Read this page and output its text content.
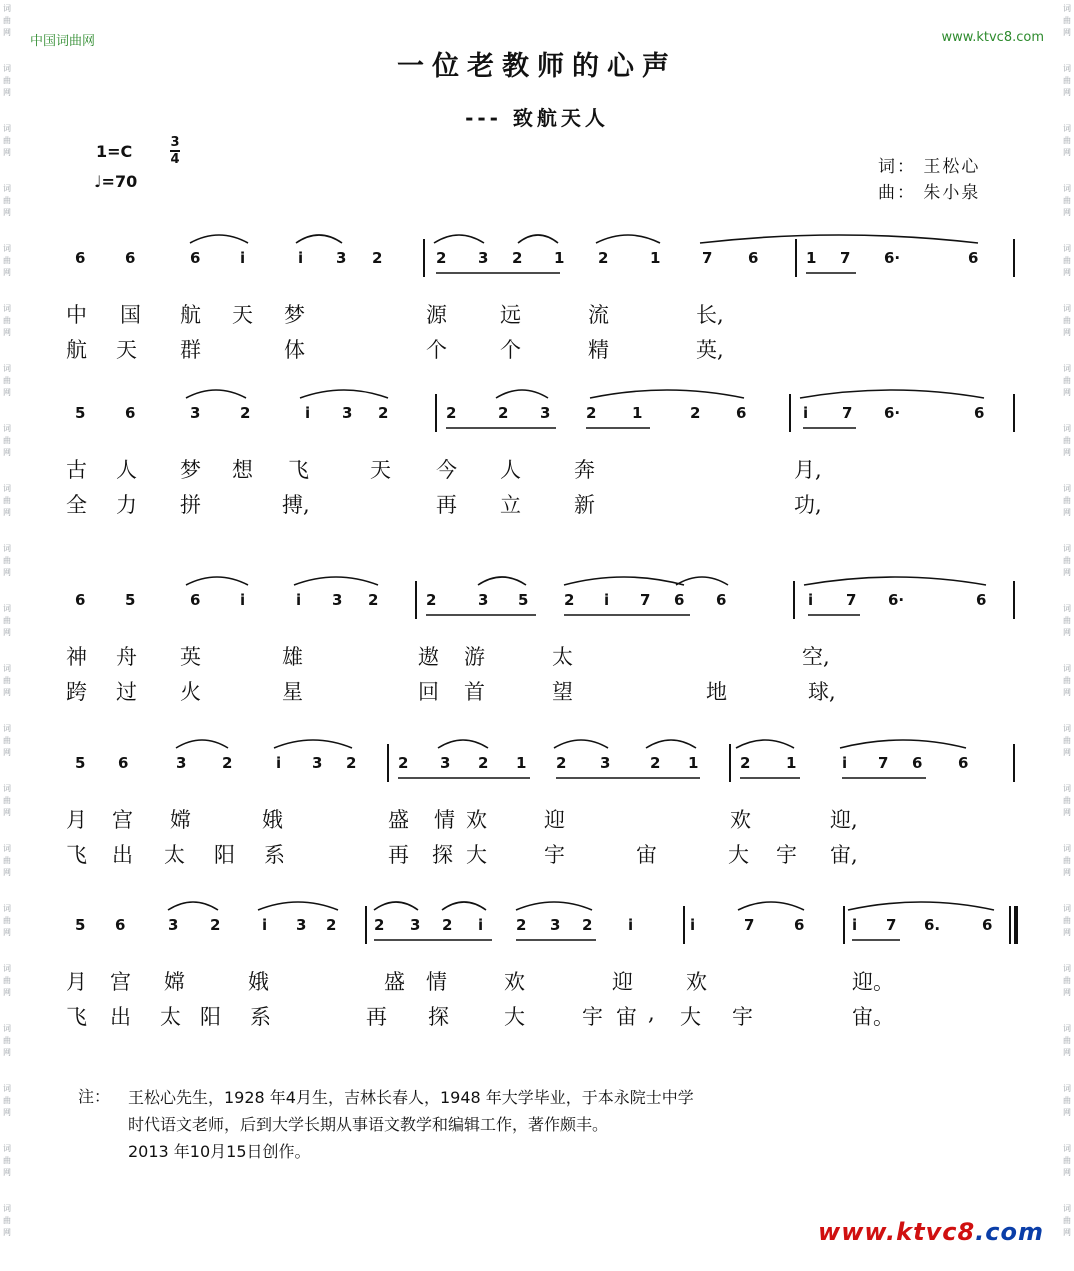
词
曲
网
词
曲
网
词
曲
网
词
曲
网
词
曲
网
词
曲
网
词
曲
网
词
曲
网
词
曲
网
词
曲
网
词
曲
网
词
曲
网
词
曲
网
词
曲
网
词
曲
网
词
曲
网
词
曲
网
词
曲
网
词
曲
网
词
曲
网
词
曲
网
词
曲
网
词
曲
网
词
曲
网
词
曲
网
词
曲
网
词
曲
网
词
曲
网
词
曲
网
词
曲
网
词
曲
网
词
曲
网
词
曲
网
词
曲
网
词
曲
网
词
曲
网
词
曲
网
词
曲
网
词
曲
网
词
曲
网
词
曲
网
词
曲
网
中国词曲网	www.ktvc8.com
一位老教师的心声
--- 致航天人
1=C	3
4
♩=70
词： 王松心
曲： 朱小泉
6	6	6	i	i 3 2	2 3 2 1 2	1	7 6	1 7 6·	6
中 国 航 天 梦	源	远	流	长,
航 天 群	体	个	个	精	英,
5	6	3	2	i 3 2	2	2 3 2 1	2 6	i 7 6·	6
古 人 梦 想 飞	天 今 人	奔	月,
全 力 拼	搏,	再 立	新	功,
6	5	6	i	i 3 2	2	3 5 2 i 7 6 6	i 7 6·	6
神 舟 英	雄	遨 游	太	空,
跨 过 火	星	回 首	望	地	球,
5 6	3 2	i 3 2	2 3 2 1 2 3	2 1	2 1	i 7 6 6
月 宫 嫦	娥	盛 情 欢	迎	欢	迎,
飞 出 太 阳 系	再 探 大	宇	宙	大 宇 宙,
5 6	3 2	i 3 2	2 3 2 i 2 3 2 i	i	7	6	i 7 6.	6
月 宫 嫦	娥	盛 情	欢	迎	欢	迎。
飞 出 太 阳 系	再 探	大	宇 宙 , 大 宇	宙。
注： 王松心先生，1928 年4月生，吉林长春人，1948 年大学毕业，于本永院士中学
时代语文老师，后到大学长期从事语文教学和编辑工作，著作颇丰。
2013 年10月15日创作。
www.ktvc8.com
